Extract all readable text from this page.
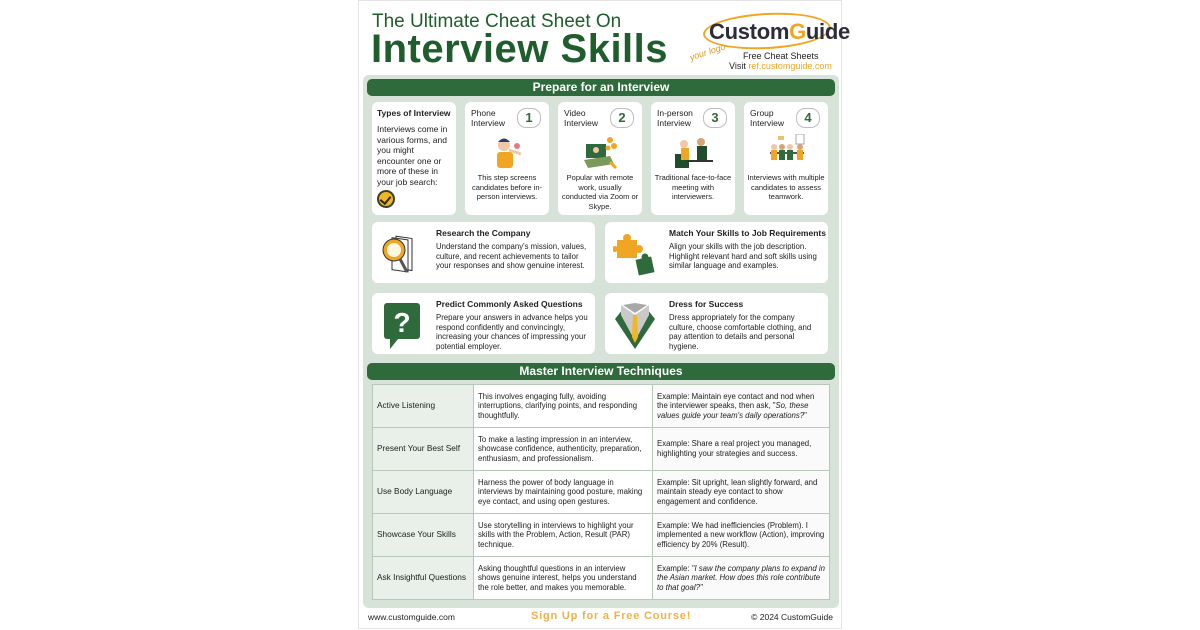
The Ultimate Cheat Sheet On
Interview Skills CustomGuide
your logo Free Cheat Sheets
Visit ref.customguide.com
Prepare for an Interview
Types of Interview
Interviews come in various forms, and you might encounter one or more of these in your job search:
Phone
Interview	1
This step screens candidates before in-person interviews.
Video
Interview	2
Popular with remote work, usually conducted via Zoom or Skype.
In-person
Interview	3
Traditional face-to-face meeting with interviewers.
Group
Interview	4
Interviews with multiple candidates to assess teamwork.
Research the Company
Understand the company's mission, values, culture, and recent achievements to tailor your responses and show genuine interest.
Match Your Skills to Job Requirements
Align your skills with the job description. Highlight relevant hard and soft skills using similar language and examples.
?
Predict Commonly Asked Questions
Prepare your answers in advance helps you respond confidently and convincingly, increasing your chances of impressing your potential employer.
Dress for Success
Dress appropriately for the company culture, choose comfortable clothing, and pay attention to details and personal hygiene.
Master Interview Techniques
Active Listening	This involves engaging fully, avoiding interruptions, clarifying points, and responding thoughtfully.	Example: Maintain eye contact and nod when the interviewer speaks, then ask, "So, these values guide your team's daily operations?"
Present Your Best Self	To make a lasting impression in an interview, showcase confidence, authenticity, preparation, enthusiasm, and professionalism.	Example: Share a real project you managed, highlighting your strategies and success.
Use Body Language	Harness the power of body language in interviews by maintaining good posture, making eye contact, and using open gestures.	Example: Sit upright, lean slightly forward, and maintain steady eye contact to show engagement and confidence.
Showcase Your Skills	Use storytelling in interviews to highlight your skills with the Problem, Action, Result (PAR) technique.	Example: We had inefficiencies (Problem). I implemented a new workflow (Action), improving efficiency by 20% (Result).
Ask Insightful Questions	Asking thoughtful questions in an interview shows genuine interest, helps you understand the role better, and makes you memorable.	Example: "I saw the company plans to expand in the Asian market. How does this role contribute to that goal?"
www.customguide.com	Sign Up for a Free Course!	© 2024 CustomGuide
